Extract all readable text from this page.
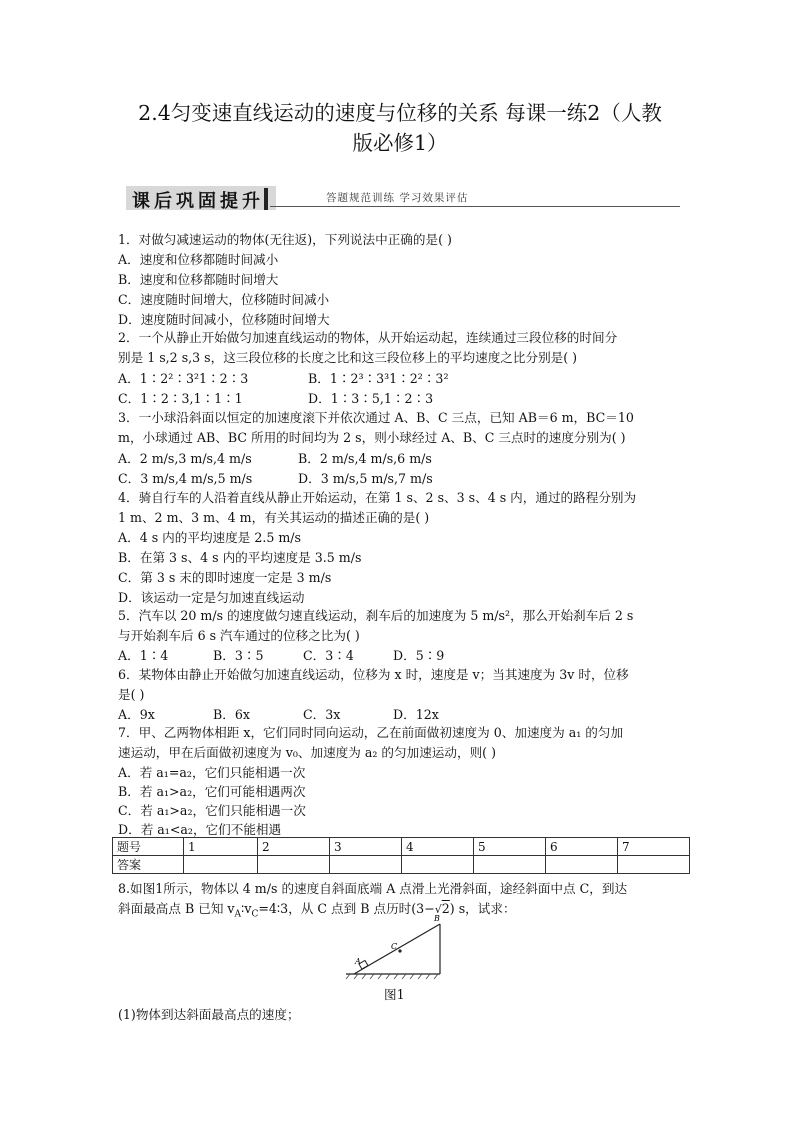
2.4匀变速直线运动的速度与位移的关系 每课一练2（人教
版必修1）
课后巩固提升	答题规范训练 学习效果评估
1．对做匀减速运动的物体(无往返)，下列说法中正确的是( )
A．速度和位移都随时间减小
B．速度和位移都随时间增大
C．速度随时间增大，位移随时间减小
D．速度随时间减小，位移随时间增大
2．一个从静止开始做匀加速直线运动的物体，从开始运动起，连续通过三段位移的时间分
别是 1 s,2 s,3 s，这三段位移的长度之比和这三段位移上的平均速度之比分别是( )
A．1∶2²∶3²1∶2∶3	B．1∶2³∶3³1∶2²∶3²
C．1∶2∶3,1∶1∶1	D．1∶3∶5,1∶2∶3
3．一小球沿斜面以恒定的加速度滚下并依次通过 A、B、C 三点，已知 AB＝6 m，BC＝10
m，小球通过 AB、BC 所用的时间均为 2 s，则小球经过 A、B、C 三点时的速度分别为( )
A．2 m/s,3 m/s,4 m/s	B．2 m/s,4 m/s,6 m/s
C．3 m/s,4 m/s,5 m/s	D．3 m/s,5 m/s,7 m/s
4．骑自行车的人沿着直线从静止开始运动，在第 1 s、2 s、3 s、4 s 内，通过的路程分别为
1 m、2 m、3 m、4 m，有关其运动的描述正确的是( )
A．4 s 内的平均速度是 2.5 m/s
B．在第 3 s、4 s 内的平均速度是 3.5 m/s
C．第 3 s 末的即时速度一定是 3 m/s
D．该运动一定是匀加速直线运动
5．汽车以 20 m/s 的速度做匀速直线运动，刹车后的加速度为 5 m/s²，那么开始刹车后 2 s
与开始刹车后 6 s 汽车通过的位移之比为( )
A．1∶4	B．3∶5	C．3∶4	D．5∶9
6．某物体由静止开始做匀加速直线运动，位移为 x 时，速度是 v；当其速度为 3v 时，位移
是( )
A．9x	B．6x	C．3x	D．12x
7．甲、乙两物体相距 x，它们同时同向运动，乙在前面做初速度为 0、加速度为 a₁ 的匀加
速运动，甲在后面做初速度为 v₀、加速度为 a₂ 的匀加速运动，则( )
A．若 a₁=a₂，它们只能相遇一次
B．若 a₁>a₂，它们可能相遇两次
C．若 a₁>a₂，它们只能相遇一次
D．若 a₁<a₂，它们不能相遇
题号	1	2	3	4	5	6	7
答案							
8.如图1所示，物体以 4 m/s 的速度自斜面底端 A 点滑上光滑斜面，途经斜面中点 C，到达
斜面最高点 B 已知 $v_A∶v_C=4∶3$，从 C 点到 B 点历时(3−√2) s，试求：
A
C
B
图1
(1)物体到达斜面最高点的速度；
